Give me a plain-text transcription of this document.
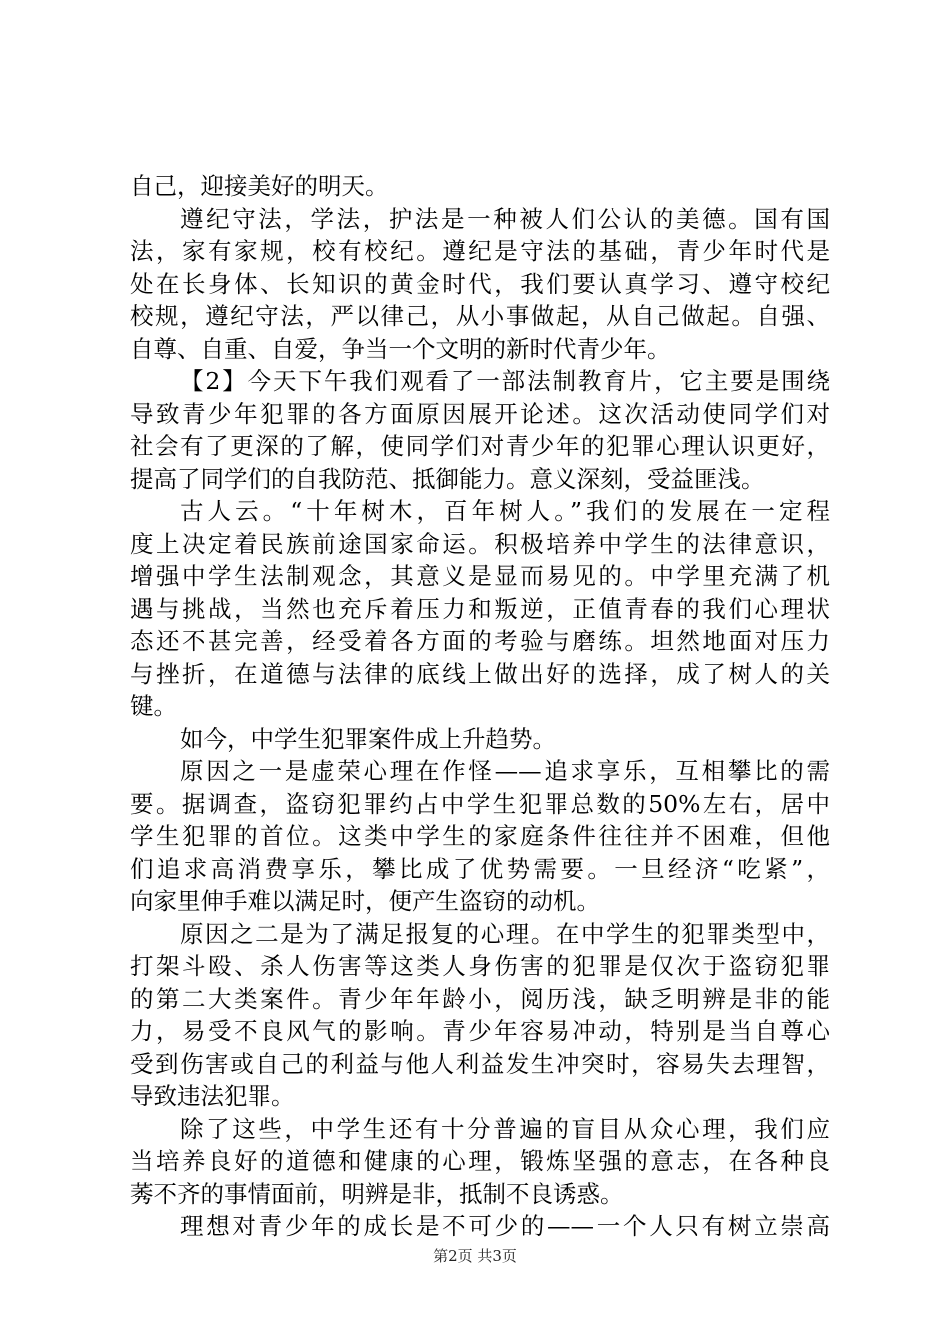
自己，迎接美好的明天。
遵纪守法，学法，护法是一种被人们公认的美德。国有国
法，家有家规，校有校纪。遵纪是守法的基础，青少年时代是
处在长身体、长知识的黄金时代，我们要认真学习、遵守校纪
校规，遵纪守法，严以律己，从小事做起，从自己做起。自强、
自尊、自重、自爱，争当一个文明的新时代青少年。
【2】今天下午我们观看了一部法制教育片，它主要是围绕
导致青少年犯罪的各方面原因展开论述。这次活动使同学们对
社会有了更深的了解，使同学们对青少年的犯罪心理认识更好，
提高了同学们的自我防范、抵御能力。意义深刻，受益匪浅。
古人云。“十年树木，百年树人。”我们的发展在一定程
度上决定着民族前途国家命运。积极培养中学生的法律意识，
增强中学生法制观念，其意义是显而易见的。中学里充满了机
遇与挑战，当然也充斥着压力和叛逆，正值青春的我们心理状
态还不甚完善，经受着各方面的考验与磨练。坦然地面对压力
与挫折，在道德与法律的底线上做出好的选择，成了树人的关
键。
如今，中学生犯罪案件成上升趋势。
原因之一是虚荣心理在作怪——追求享乐，互相攀比的需
要。据调查，盗窃犯罪约占中学生犯罪总数的50%左右，居中
学生犯罪的首位。这类中学生的家庭条件往往并不困难，但他
们追求高消费享乐，攀比成了优势需要。一旦经济“吃紧”，
向家里伸手难以满足时，便产生盗窃的动机。
原因之二是为了满足报复的心理。在中学生的犯罪类型中，
打架斗殴、杀人伤害等这类人身伤害的犯罪是仅次于盗窃犯罪
的第二大类案件。青少年年龄小，阅历浅，缺乏明辨是非的能
力，易受不良风气的影响。青少年容易冲动，特别是当自尊心
受到伤害或自己的利益与他人利益发生冲突时，容易失去理智，
导致违法犯罪。
除了这些，中学生还有十分普遍的盲目从众心理，我们应
当培养良好的道德和健康的心理，锻炼坚强的意志，在各种良
莠不齐的事情面前，明辨是非，抵制不良诱惑。
理想对青少年的成长是不可少的——一个人只有树立崇高
第2页 共3页
